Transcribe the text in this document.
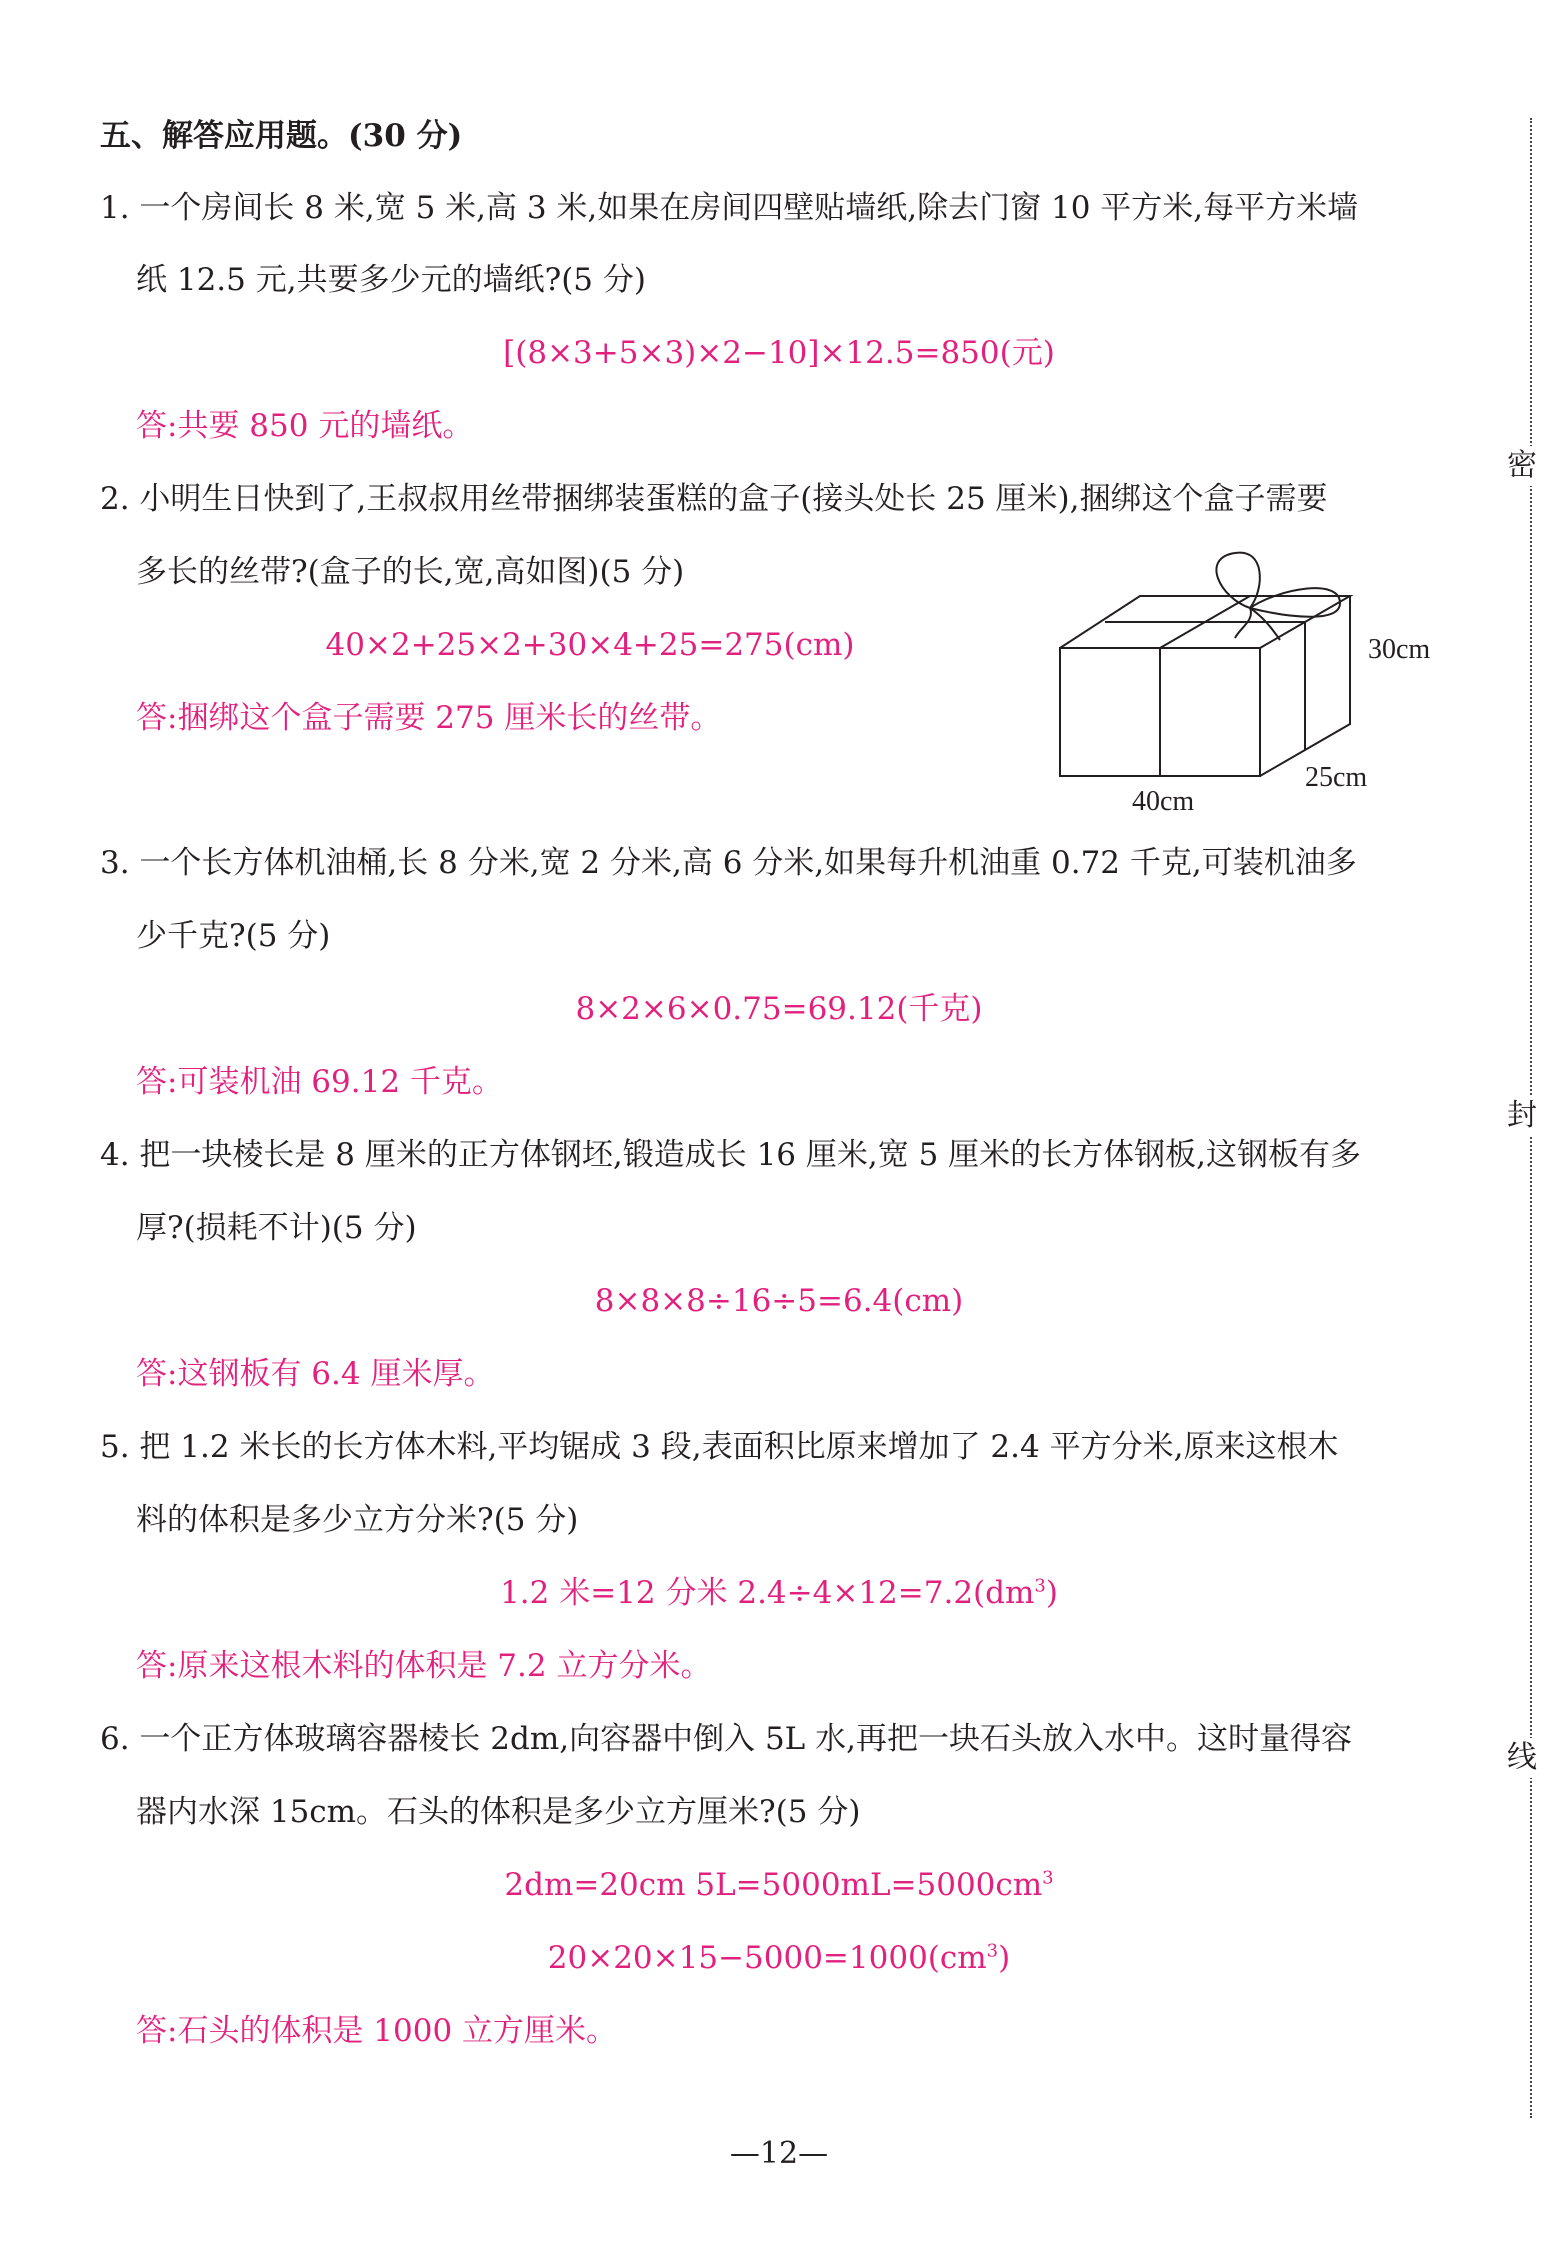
五、解答应用题。(30 分)
1. 一个房间长 8 米,宽 5 米,高 3 米,如果在房间四壁贴墙纸,除去门窗 10 平方米,每平方米墙
纸 12.5 元,共要多少元的墙纸?(5 分)
[(8×3+5×3)×2−10]×12.5=850(元)
答:共要 850 元的墙纸。
2. 小明生日快到了,王叔叔用丝带捆绑装蛋糕的盒子(接头处长 25 厘米),捆绑这个盒子需要
多长的丝带?(盒子的长,宽,高如图)(5 分)
40×2+25×2+30×4+25=275(cm)
答:捆绑这个盒子需要 275 厘米长的丝带。
30cm
25cm
40cm
3. 一个长方体机油桶,长 8 分米,宽 2 分米,高 6 分米,如果每升机油重 0.72 千克,可装机油多
少千克?(5 分)
8×2×6×0.75=69.12(千克)
答:可装机油 69.12 千克。
4. 把一块棱长是 8 厘米的正方体钢坯,锻造成长 16 厘米,宽 5 厘米的长方体钢板,这钢板有多
厚?(损耗不计)(5 分)
8×8×8÷16÷5=6.4(cm)
答:这钢板有 6.4 厘米厚。
5. 把 1.2 米长的长方体木料,平均锯成 3 段,表面积比原来增加了 2.4 平方分米,原来这根木
料的体积是多少立方分米?(5 分)
1.2 米=12 分米 $2.4\div 4\times 12=7.2(dm^3)$
答:原来这根木料的体积是 7.2 立方分米。
6. 一个正方体玻璃容器棱长 2dm,向容器中倒入 5L 水,再把一块石头放入水中。这时量得容
器内水深 15cm。石头的体积是多少立方厘米?(5 分)
2dm=20cm $5L=5000mL=5000cm^3$
$20\times 20\times 15-5000=1000(cm^3)$
答:石头的体积是 1000 立方厘米。
密
封
线
—12—
